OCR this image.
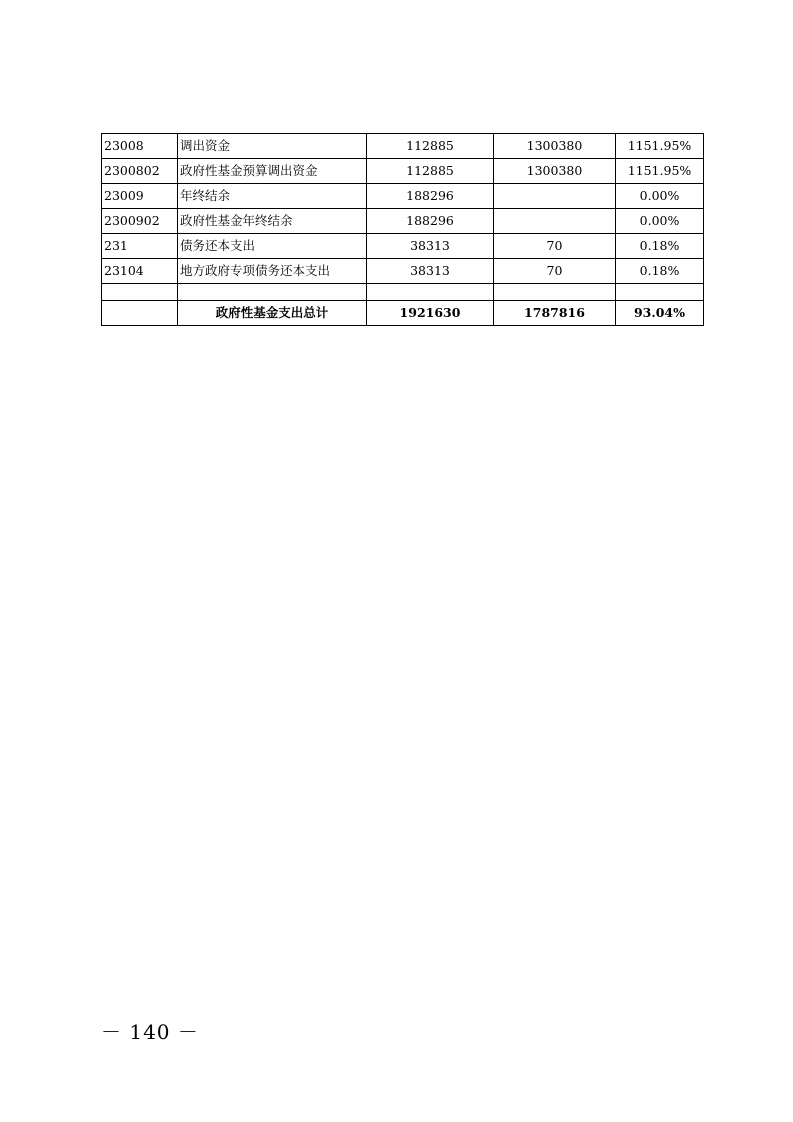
23008	调出资金	112885	1300380	1151.95%
2300802	政府性基金预算调出资金	112885	1300380	1151.95%
23009	年终结余	188296		0.00%
2300902	政府性基金年终结余	188296		0.00%
231	债务还本支出	38313	70	0.18%
23104	地方政府专项债务还本支出	38313	70	0.18%

	政府性基金支出总计	1921630	1787816	93.04%
－ 140 －
